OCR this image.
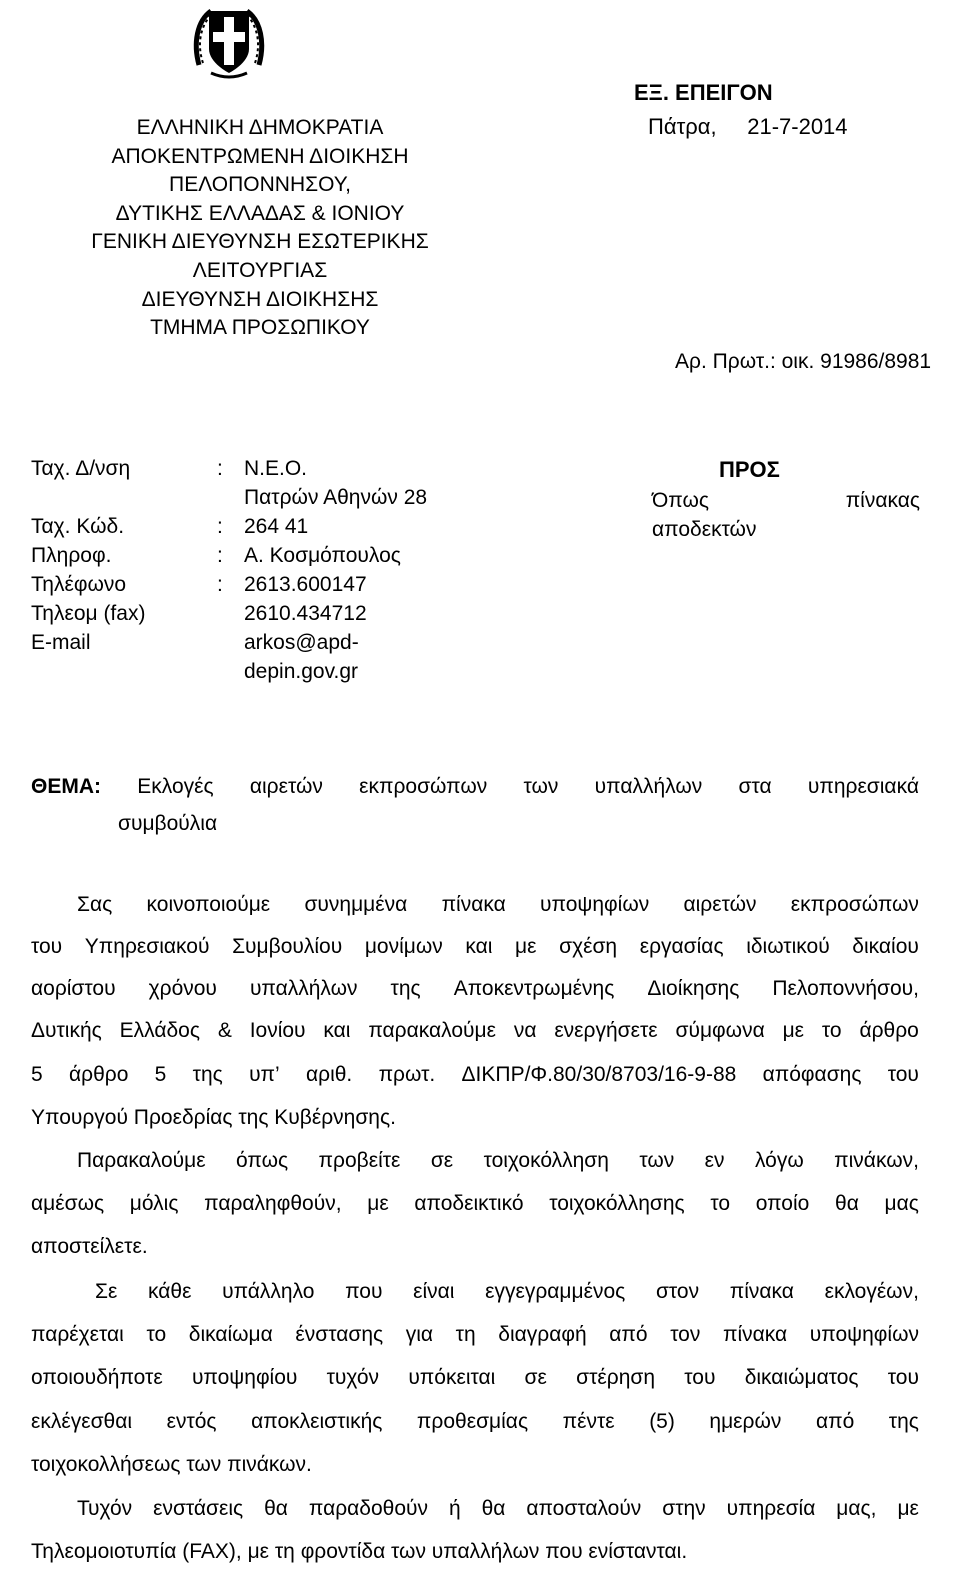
ΕΛΛΗΝΙΚΗ ΔΗΜΟΚΡΑΤΙΑ
ΑΠΟΚΕΝΤΡΩΜΕΝΗ ΔΙΟΙΚΗΣΗ
ΠΕΛΟΠΟΝΝΗΣΟΥ,
ΔΥΤΙΚΗΣ ΕΛΛΑΔΑΣ & ΙΟΝΙΟΥ
ΓΕΝΙΚΗ ΔΙΕΥΘΥΝΣΗ ΕΣΩΤΕΡΙΚΗΣ
ΛΕΙΤΟΥΡΓΙΑΣ
ΔΙΕΥΘΥΝΣΗ ΔΙΟΙΚΗΣΗΣ
ΤΜΗΜΑ ΠΡΟΣΩΠΙΚΟΥ
ΕΞ. ΕΠΕΙΓΟΝ
Πάτρα, 21-7-2014
Αρ. Πρωτ.: οικ. 91986/8981
Ταχ. Δ/νση	: Ν.Ε.Ο.
Πατρών Αθηνών 28
Ταχ. Κώδ.	: 264 41
Πληροφ.	: Α. Κοσμόπουλος
Τηλέφωνο	: 2613.600147
Τηλεομ (fax)	2610.434712
E-mail	arkos@apd-
depin.gov.gr
ΠΡΟΣ
Όπως	πίνακας
αποδεκτών
ΘΕΜΑ: Εκλογές αιρετών εκπροσώπων των υπαλλήλων στα υπηρεσιακά
συμβούλια
Σας κοινοποιούμε συνημμένα πίνακα υποψηφίων αιρετών εκπροσώπων
του Υπηρεσιακού Συμβουλίου μονίμων και με σχέση εργασίας ιδιωτικού δικαίου
αορίστου χρόνου υπαλλήλων της Αποκεντρωμένης Διοίκησης Πελοποννήσου,
Δυτικής Ελλάδος & Ιονίου και παρακαλούμε να ενεργήσετε σύμφωνα με το άρθρο
5 άρθρο 5 της υπ’ αριθ. πρωτ. ΔΙΚΠΡ/Φ.80/30/8703/16-9-88 απόφασης του
Υπουργού Προεδρίας της Κυβέρνησης.
Παρακαλούμε όπως προβείτε σε τοιχοκόλληση των εν λόγω πινάκων,
αμέσως μόλις παραληφθούν, με αποδεικτικό τοιχοκόλλησης το οποίο θα μας
αποστείλετε.
Σε κάθε υπάλληλο που είναι εγγεγραμμένος στον πίνακα εκλογέων,
παρέχεται το δικαίωμα ένστασης για τη διαγραφή από τον πίνακα υποψηφίων
οποιουδήποτε υποψηφίου τυχόν υπόκειται σε στέρηση του δικαιώματος του
εκλέγεσθαι εντός αποκλειστικής προθεσμίας πέντε (5) ημερών από της
τοιχοκολλήσεως των πινάκων.
Τυχόν ενστάσεις θα παραδοθούν ή θα αποσταλούν στην υπηρεσία μας, με
Τηλεομοιοτυπία (FAX), με τη φροντίδα των υπαλλήλων που ενίστανται.
